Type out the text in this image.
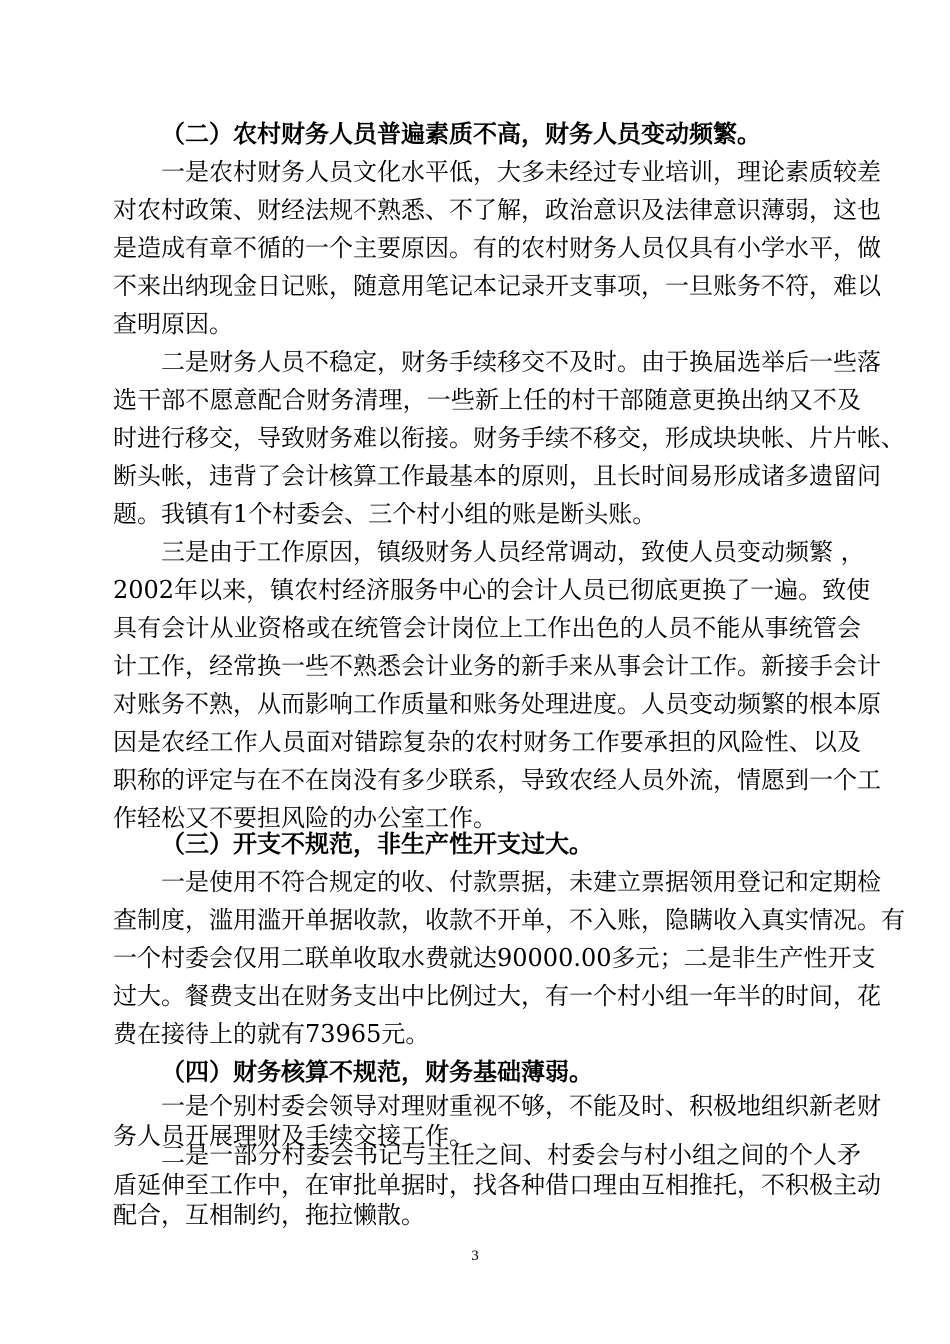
（二）农村财务人员普遍素质不高，财务人员变动频繁。
一是农村财务人员文化水平低，大多未经过专业培训，理论素质较差
对农村政策、财经法规不熟悉、不了解，政治意识及法律意识薄弱，这也
是造成有章不循的一个主要原因。有的农村财务人员仅具有小学水平，做
不来出纳现金日记账，随意用笔记本记录开支事项，一旦账务不符，难以
查明原因。
二是财务人员不稳定，财务手续移交不及时。由于换届选举后一些落
选干部不愿意配合财务清理，一些新上任的村干部随意更换出纳又不及
时进行移交，导致财务难以衔接。财务手续不移交，形成块块帐、片片帐、
断头帐，违背了会计核算工作最基本的原则，且长时间易形成诸多遗留问
题。我镇有1个村委会、三个村小组的账是断头账。
三是由于工作原因，镇级财务人员经常调动，致使人员变动频繁 ，
2002年以来，镇农村经济服务中心的会计人员已彻底更换了一遍。致使
具有会计从业资格或在统管会计岗位上工作出色的人员不能从事统管会
计工作，经常换一些不熟悉会计业务的新手来从事会计工作。新接手会计
对账务不熟，从而影响工作质量和账务处理进度。人员变动频繁的根本原
因是农经工作人员面对错踪复杂的农村财务工作要承担的风险性、以及
职称的评定与在不在岗没有多少联系，导致农经人员外流，情愿到一个工
作轻松又不要担风险的办公室工作。
（三）开支不规范，非生产性开支过大。
一是使用不符合规定的收、付款票据，未建立票据领用登记和定期检
查制度，滥用滥开单据收款，收款不开单，不入账，隐瞒收入真实情况。有
一个村委会仅用二联单收取水费就达90000.00多元；二是非生产性开支
过大。餐费支出在财务支出中比例过大，有一个村小组一年半的时间，花
费在接待上的就有73965元。
（四）财务核算不规范，财务基础薄弱。
一是个别村委会领导对理财重视不够，不能及时、积极地组织新老财
务人员开展理财及手续交接工作。
二是一部分村委会书记与主任之间、村委会与村小组之间的个人矛
盾延伸至工作中，在审批单据时，找各种借口理由互相推托，不积极主动
配合，互相制约，拖拉懒散。
3
